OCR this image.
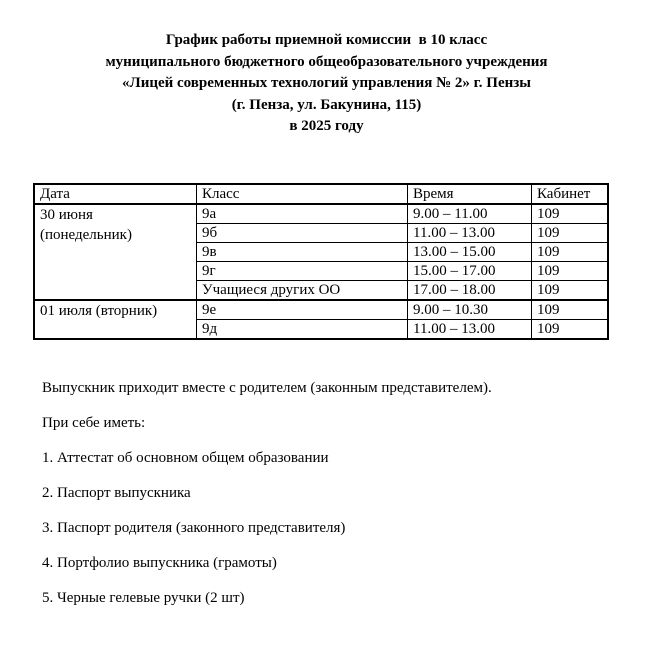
График работы приемной комиссии  в 10 класс
муниципального бюджетного общеобразовательного учреждения
«Лицей современных технологий управления № 2» г. Пензы
(г. Пенза, ул. Бакунина, 115)
в 2025 году
Дата	Класс	Время	Кабинет

30 июня
(понедельник)	9а	9.00 – 11.00	109
	9б	11.00 – 13.00	109
	9в	13.00 – 15.00	109
	9г	15.00 – 17.00	109
	Учащиеся других ОО	17.00 – 18.00	109

01 июля (вторник)	9е	9.00 – 10.30	109
	9д	11.00 – 13.00	109

Выпускник приходит вместе с родителем (законным представителем).

При себе иметь:

1. Аттестат об основном общем образовании

2. Паспорт выпускника

3. Паспорт родителя (законного представителя)

4. Портфолио выпускника (грамоты)

5. Черные гелевые ручки (2 шт)
